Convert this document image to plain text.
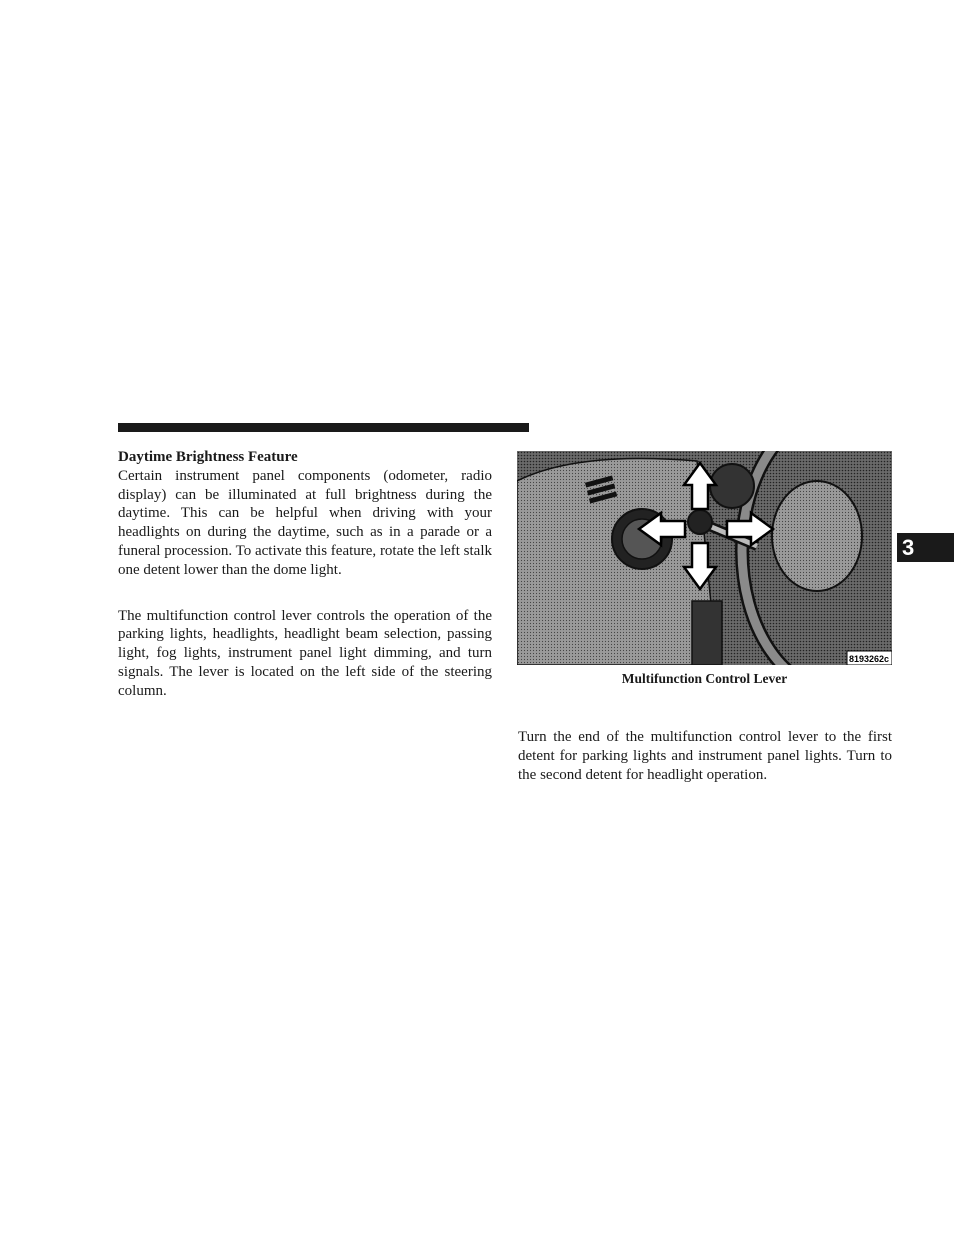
Daytime Brightness Feature

Certain instrument panel components (odometer, radio display) can be illuminated at full brightness during the daytime. This can be helpful when driving with your headlights on during the daytime, such as in a parade or a funeral procession. To activate this feature, rotate the left stalk one detent lower than the dome light.

The multifunction control lever controls the operation of the parking lights, headlights, headlight beam selection, passing light, fog lights, instrument panel light dimming, and turn signals. The lever is located on the left side of the steering column.

8193262c
Multifunction Control Lever

Turn the end of the multifunction control lever to the first detent for parking lights and instrument panel lights. Turn to the second detent for headlight operation.

3
